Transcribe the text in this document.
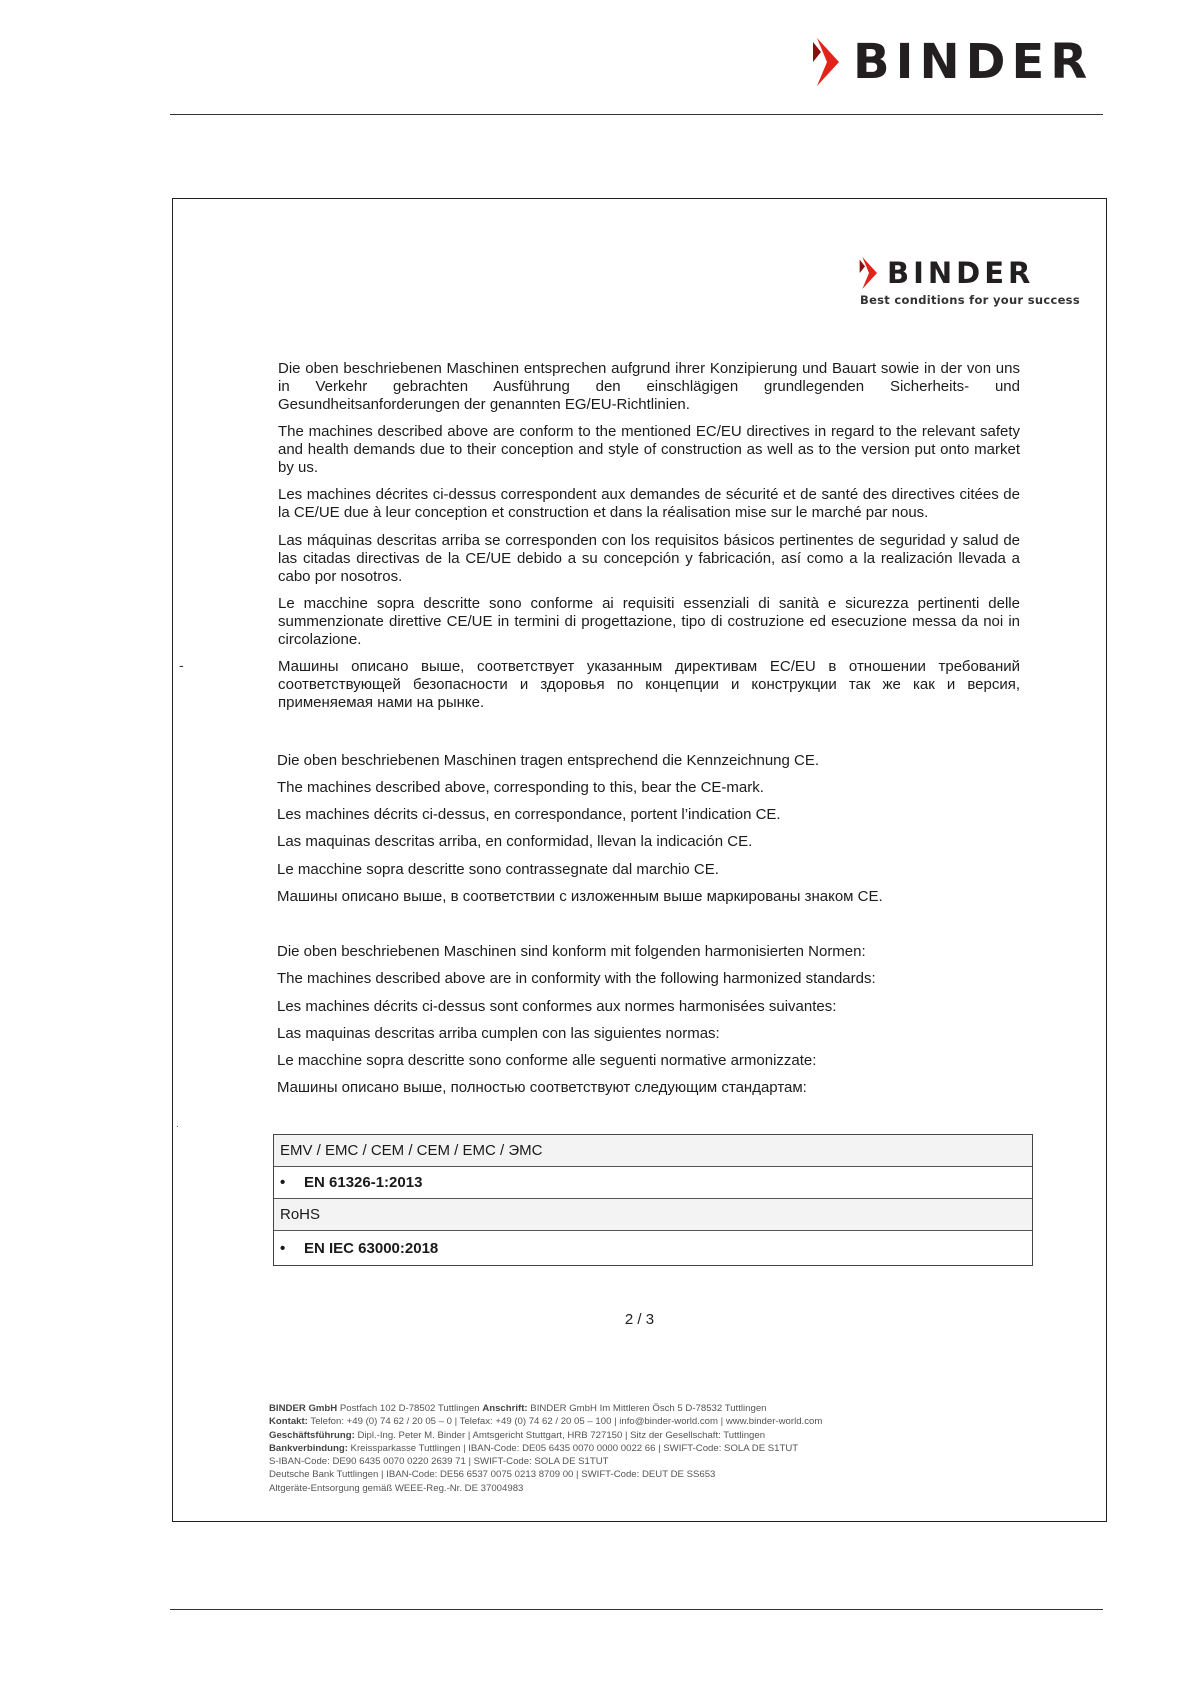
BINDER
BINDER
Best conditions for your success

Die oben beschriebenen Maschinen entsprechen aufgrund ihrer Konzipierung und Bauart sowie in der von uns in Verkehr gebrachten Ausführung den einschlägigen grundlegenden Sicherheits- und Gesundheitsanforderungen der genannten EG/EU-Richtlinien.

The machines described above are conform to the mentioned EC/EU directives in regard to the relevant safety and health demands due to their conception and style of construction as well as to the version put onto market by us.

Les machines décrites ci-dessus correspondent aux demandes de sécurité et de santé des directives citées de la CE/UE due à leur conception et construction et dans la réalisation mise sur le marché par nous.

Las máquinas descritas arriba se corresponden con los requisitos básicos pertinentes de seguridad y salud de las citadas directivas de la CE/UE debido a su concepción y fabricación, así como a la realización llevada a cabo por nosotros.

Le macchine sopra descritte sono conforme ai requisiti essenziali di sanità e sicurezza pertinenti delle summenzionate direttive CE/UE in termini di progettazione, tipo di costruzione ed esecuzione messa da noi in circolazione.

Машины описано выше, соответствует указанным директивам EC/EU в отношении требований соответствующей безопасности и здоровья по концепции и конструкции так же как и версия, применяемая нами на рынке.

-
.

Die oben beschriebenen Maschinen tragen entsprechend die Kennzeichnung CE.

The machines described above, corresponding to this, bear the CE-mark.

Les machines décrits ci-dessus, en correspondance, portent l’indication CE.

Las maquinas descritas arriba, en conformidad, llevan la indicación CE.

Le macchine sopra descritte sono contrassegnate dal marchio CE.

Машины описано выше, в соответствии с изложенным выше маркированы знаком CE.

Die oben beschriebenen Maschinen sind konform mit folgenden harmonisierten Normen:

The machines described above are in conformity with the following harmonized standards:

Les machines décrits ci-dessus sont conformes aux normes harmonisées suivantes:

Las maquinas descritas arriba cumplen con las siguientes normas:

Le macchine sopra descritte sono conforme alle seguenti normative armonizzate:

Машины описано выше, полностью соответствуют следующим стандартам:

EMV / EMC / CEM / CEM / EMC / ЭМС
•	EN 61326-1:2013
RoHS
•	EN IEC 63000:2018
2 / 3
BINDER GmbH Postfach 102 D-78502 Tuttlingen Anschrift: BINDER GmbH Im Mittleren Ösch 5 D-78532 Tuttlingen
Kontakt: Telefon: +49 (0) 74 62 / 20 05 – 0 | Telefax: +49 (0) 74 62 / 20 05 – 100 | info@binder-world.com | www.binder-world.com
Geschäftsführung: Dipl.-Ing. Peter M. Binder | Amtsgericht Stuttgart, HRB 727150 | Sitz der Gesellschaft: Tuttlingen
Bankverbindung: Kreissparkasse Tuttlingen | IBAN-Code: DE05 6435 0070 0000 0022 66 | SWIFT-Code: SOLA DE S1TUT
S-IBAN-Code: DE90 6435 0070 0220 2639 71 | SWIFT-Code: SOLA DE S1TUT
Deutsche Bank Tuttlingen | IBAN-Code: DE56 6537 0075 0213 8709 00 | SWIFT-Code: DEUT DE SS653
Altgeräte-Entsorgung gemäß WEEE-Reg.-Nr. DE 37004983
